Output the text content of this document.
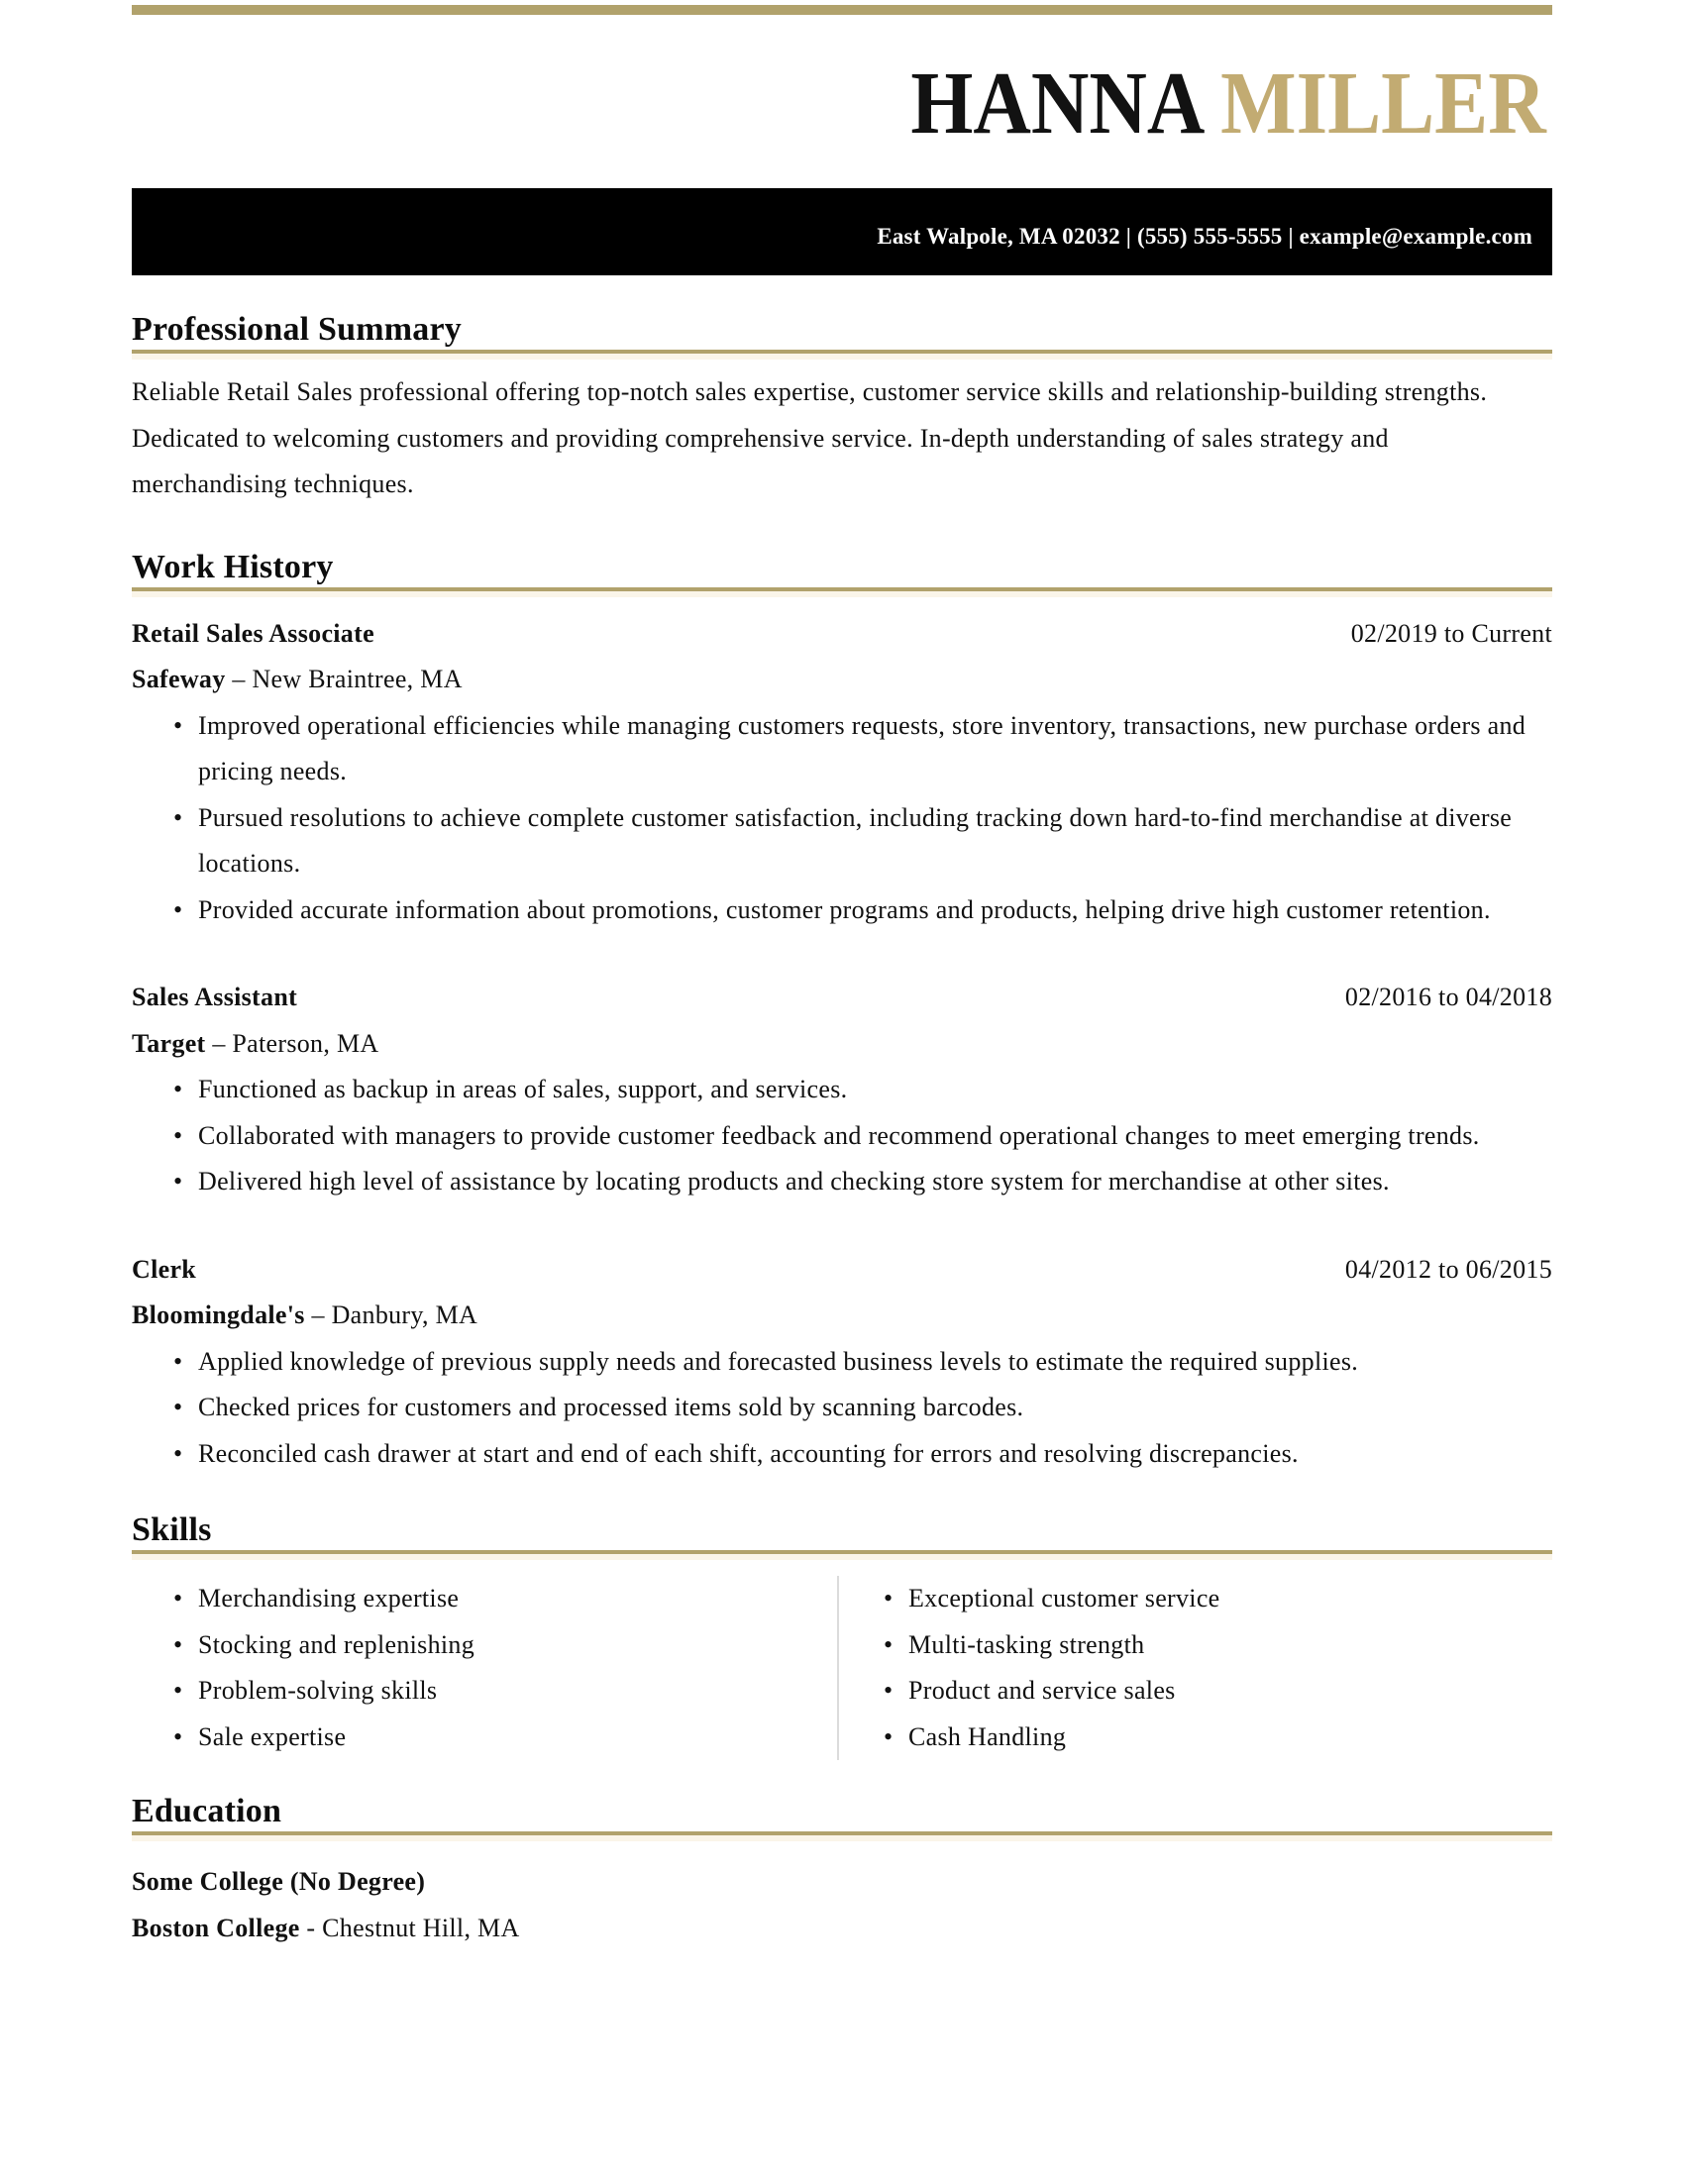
HANNA MILLER
East Walpole, MA 02032 | (555) 555-5555 | example@example.com
Professional Summary

Reliable Retail Sales professional offering top-notch sales expertise, customer service skills and relationship-building strengths. Dedicated to welcoming customers and providing comprehensive service. In-depth understanding of sales strategy and merchandising techniques.

Work History
Retail Sales Associate	02/2019 to Current
Safeway – New Braintree, MA
• Improved operational efficiencies while managing customers requests, store inventory, transactions, new purchase orders and pricing needs.
• Pursued resolutions to achieve complete customer satisfaction, including tracking down hard-to-find merchandise at diverse locations.
• Provided accurate information about promotions, customer programs and products, helping drive high customer retention.
Sales Assistant	02/2016 to 04/2018
Target – Paterson, MA
• Functioned as backup in areas of sales, support, and services.
• Collaborated with managers to provide customer feedback and recommend operational changes to meet emerging trends.
• Delivered high level of assistance by locating products and checking store system for merchandise at other sites.
Clerk	04/2012 to 06/2015
Bloomingdale's – Danbury, MA
• Applied knowledge of previous supply needs and forecasted business levels to estimate the required supplies.
• Checked prices for customers and processed items sold by scanning barcodes.
• Reconciled cash drawer at start and end of each shift, accounting for errors and resolving discrepancies.
Skills
• Merchandising expertise
• Stocking and replenishing
• Problem-solving skills
• Sale expertise
• Exceptional customer service
• Multi-tasking strength
• Product and service sales
• Cash Handling
Education
Some College (No Degree)
Boston College - Chestnut Hill, MA
